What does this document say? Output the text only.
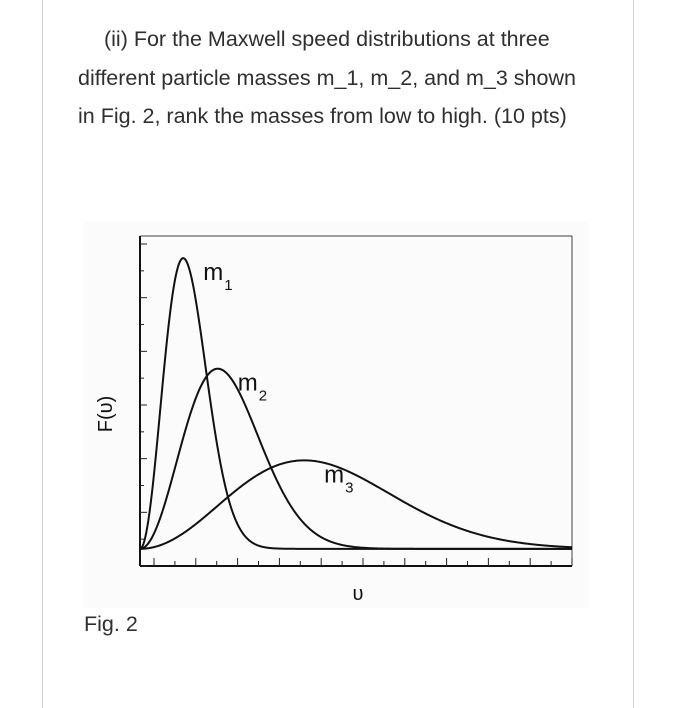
(ii) For the Maxwell speed distributions at three different particle masses m_1, m_2, and m_3 shown in Fig. 2, rank the masses from low to high. (10 pts)

m 1
m 2
m 3
υ
F(υ)
Fig. 2
